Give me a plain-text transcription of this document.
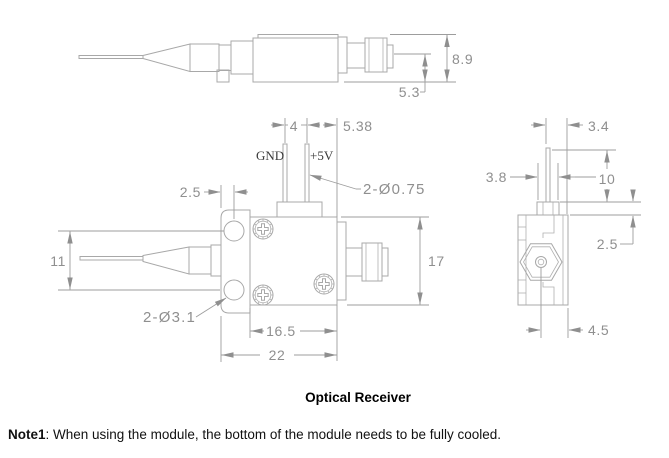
8.9
5.3
GND +5V
4	5.38
2-Ø0.75
2.5
11
2-Ø3.1
16.5
22
17
3.4
3.8	10
2.5
4.5
Optical Receiver
Note1: When using the module, the bottom of the module needs to be fully cooled.
